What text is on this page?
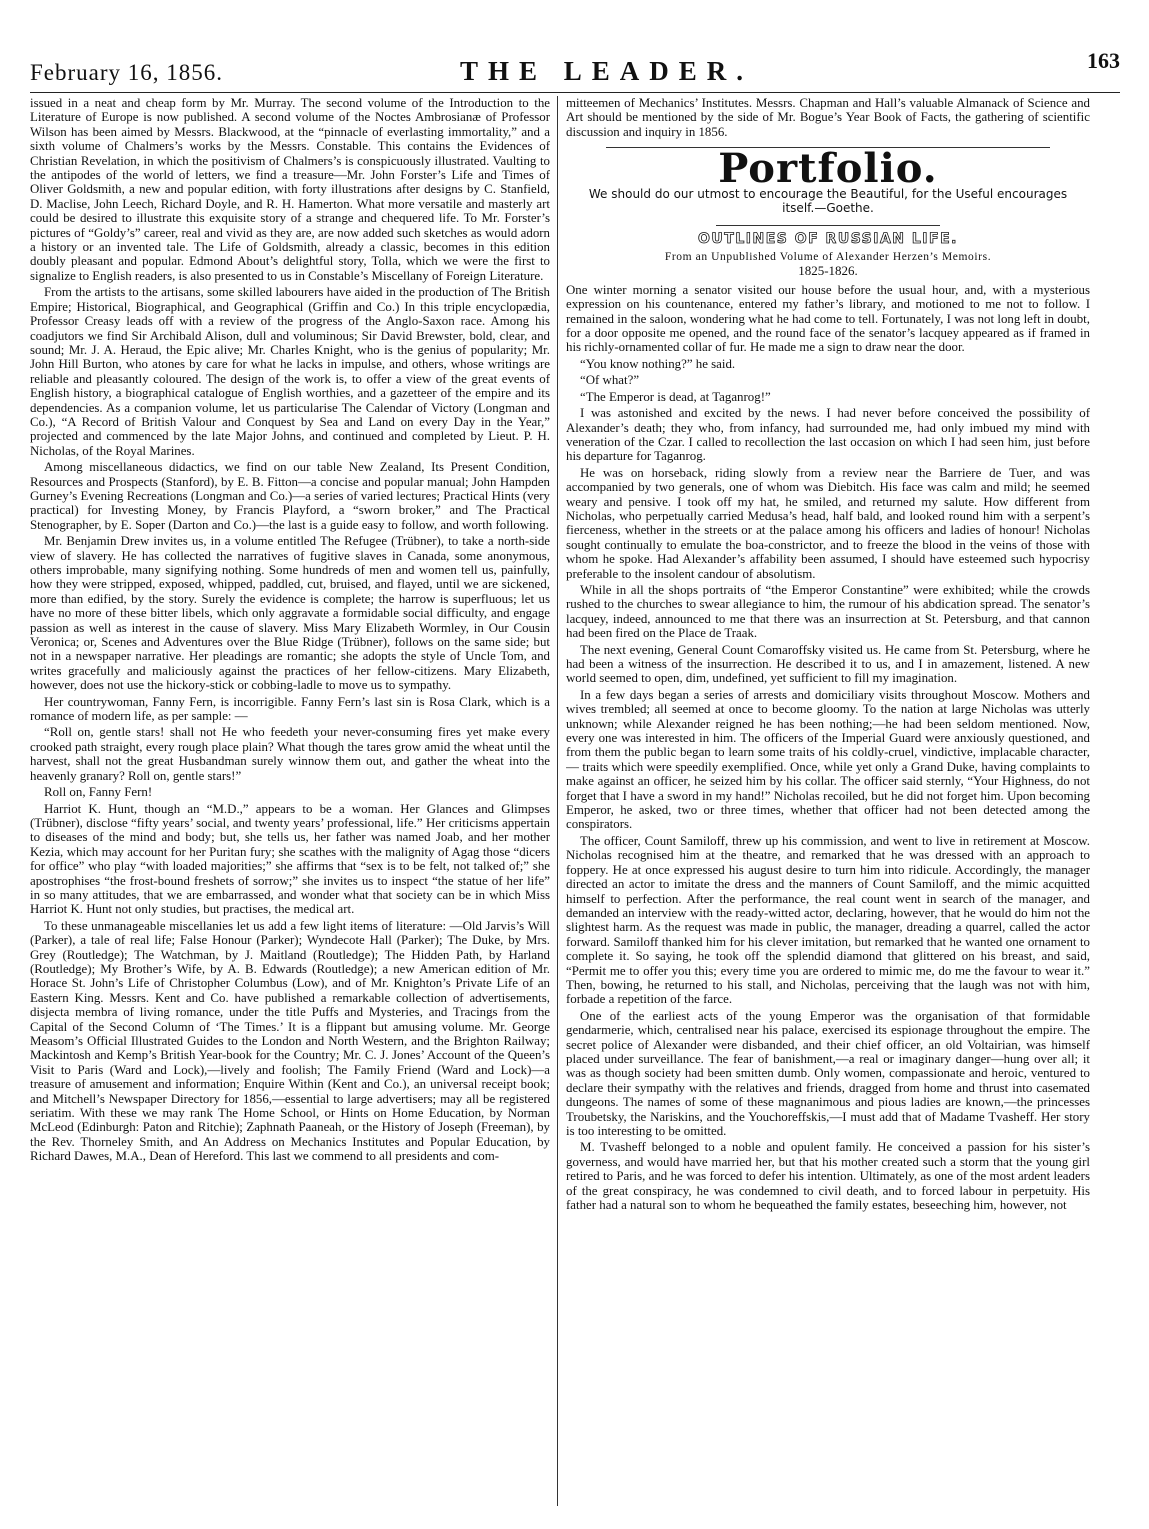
February 16, 1856.	THE LEADER.	163

issued in a neat and cheap form by Mr. Murray. The second volume of the Introduction to the Literature of Europe is now published. A second volume of the Noctes Ambrosianæ of Professor Wilson has been aimed by Messrs. Blackwood, at the “pinnacle of everlasting immortality,” and a sixth volume of Chalmers’s works by the Messrs. Constable. This contains the Evidences of Christian Revelation, in which the positivism of Chalmers’s is conspicuously illustrated. Vaulting to the antipodes of the world of letters, we find a treasure—Mr. John Forster’s Life and Times of Oliver Goldsmith, a new and popular edition, with forty illustrations after designs by C. Stanfield, D. Maclise, John Leech, Richard Doyle, and R. H. Hamerton. What more versatile and masterly art could be desired to illustrate this exquisite story of a strange and chequered life. To Mr. Forster’s pictures of “Goldy’s” career, real and vivid as they are, are now added such sketches as would adorn a history or an invented tale. The Life of Goldsmith, already a classic, becomes in this edition doubly pleasant and popular. Edmond About’s delightful story, Tolla, which we were the first to signalize to English readers, is also presented to us in Constable’s Miscellany of Foreign Literature.

From the artists to the artisans, some skilled labourers have aided in the production of The British Empire; Historical, Biographical, and Geographical (Griffin and Co.) In this triple encyclopædia, Professor Creasy leads off with a review of the progress of the Anglo-Saxon race. Among his coadjutors we find Sir Archibald Alison, dull and voluminous; Sir David Brewster, bold, clear, and sound; Mr. J. A. Heraud, the Epic alive; Mr. Charles Knight, who is the genius of popularity; Mr. John Hill Burton, who atones by care for what he lacks in impulse, and others, whose writings are reliable and pleasantly coloured. The design of the work is, to offer a view of the great events of English history, a biographical catalogue of English worthies, and a gazetteer of the empire and its dependencies. As a companion volume, let us particularise The Calendar of Victory (Longman and Co.), “A Record of British Valour and Conquest by Sea and Land on every Day in the Year,” projected and commenced by the late Major Johns, and continued and completed by Lieut. P. H. Nicholas, of the Royal Marines.

Among miscellaneous didactics, we find on our table New Zealand, Its Present Condition, Resources and Prospects (Stanford), by E. B. Fitton—a concise and popular manual; John Hampden Gurney’s Evening Recreations (Longman and Co.)—a series of varied lectures; Practical Hints (very practical) for Investing Money, by Francis Playford, a “sworn broker,” and The Practical Stenographer, by E. Soper (Darton and Co.)—the last is a guide easy to follow, and worth following.

Mr. Benjamin Drew invites us, in a volume entitled The Refugee (Trübner), to take a north-side view of slavery. He has collected the narratives of fugitive slaves in Canada, some anonymous, others improbable, many signifying nothing. Some hundreds of men and women tell us, painfully, how they were stripped, exposed, whipped, paddled, cut, bruised, and flayed, until we are sickened, more than edified, by the story. Surely the evidence is complete; the harrow is superfluous; let us have no more of these bitter libels, which only aggravate a formidable social difficulty, and engage passion as well as interest in the cause of slavery. Miss Mary Elizabeth Wormley, in Our Cousin Veronica; or, Scenes and Adventures over the Blue Ridge (Trübner), follows on the same side; but not in a newspaper narrative. Her pleadings are romantic; she adopts the style of Uncle Tom, and writes gracefully and maliciously against the practices of her fellow-citizens. Mary Elizabeth, however, does not use the hickory-stick or cobbing-ladle to move us to sympathy.

Her countrywoman, Fanny Fern, is incorrigible. Fanny Fern’s last sin is Rosa Clark, which is a romance of modern life, as per sample: —

“Roll on, gentle stars! shall not He who feedeth your never-consuming fires yet make every crooked path straight, every rough place plain? What though the tares grow amid the wheat until the harvest, shall not the great Husbandman surely winnow them out, and gather the wheat into the heavenly granary? Roll on, gentle stars!”

Roll on, Fanny Fern!

Harriot K. Hunt, though an “M.D.,” appears to be a woman. Her Glances and Glimpses (Trübner), disclose “fifty years’ social, and twenty years’ professional, life.” Her criticisms appertain to diseases of the mind and body; but, she tells us, her father was named Joab, and her mother Kezia, which may account for her Puritan fury; she scathes with the malignity of Agag those “dicers for office” who play “with loaded majorities;” she affirms that “sex is to be felt, not talked of;” she apostrophises “the frost-bound freshets of sorrow;” she invites us to inspect “the statue of her life” in so many attitudes, that we are embarrassed, and wonder what that society can be in which Miss Harriot K. Hunt not only studies, but practises, the medical art.

To these unmanageable miscellanies let us add a few light items of literature: —Old Jarvis’s Will (Parker), a tale of real life; False Honour (Parker); Wyndecote Hall (Parker); The Duke, by Mrs. Grey (Routledge); The Watchman, by J. Maitland (Routledge); The Hidden Path, by Harland (Routledge); My Brother’s Wife, by A. B. Edwards (Routledge); a new American edition of Mr. Horace St. John’s Life of Christopher Columbus (Low), and of Mr. Knighton’s Private Life of an Eastern King. Messrs. Kent and Co. have published a remarkable collection of advertisements, disjecta membra of living romance, under the title Puffs and Mysteries, and Tracings from the Capital of the Second Column of ‘The Times.’ It is a flippant but amusing volume. Mr. George Measom’s Official Illustrated Guides to the London and North Western, and the Brighton Railway; Mackintosh and Kemp’s British Year-book for the Country; Mr. C. J. Jones’ Account of the Queen’s Visit to Paris (Ward and Lock),—lively and foolish; The Family Friend (Ward and Lock)—a treasure of amusement and information; Enquire Within (Kent and Co.), an universal receipt book; and Mitchell’s Newspaper Directory for 1856,—essential to large advertisers; may all be registered seriatim. With these we may rank The Home School, or Hints on Home Education, by Norman McLeod (Edinburgh: Paton and Ritchie); Zaphnath Paaneah, or the History of Joseph (Freeman), by the Rev. Thorneley Smith, and An Address on Mechanics Institutes and Popular Education, by Richard Dawes, M.A., Dean of Hereford. This last we commend to all presidents and com-

mitteemen of Mechanics’ Institutes. Messrs. Chapman and Hall’s valuable Almanack of Science and Art should be mentioned by the side of Mr. Bogue’s Year Book of Facts, the gathering of scientific discussion and inquiry in 1856.

Portfolio.
We should do our utmost to encourage the Beautiful, for the Useful encourages itself.—Goethe.
OUTLINES OF RUSSIAN LIFE.
From an Unpublished Volume of Alexander Herzen’s Memoirs.
1825-1826.

One winter morning a senator visited our house before the usual hour, and, with a mysterious expression on his countenance, entered my father’s library, and motioned to me not to follow. I remained in the saloon, wondering what he had come to tell. Fortunately, I was not long left in doubt, for a door opposite me opened, and the round face of the senator’s lacquey appeared as if framed in his richly-ornamented collar of fur. He made me a sign to draw near the door.

“You know nothing?” he said.

“Of what?”

“The Emperor is dead, at Taganrog!”

I was astonished and excited by the news. I had never before conceived the possibility of Alexander’s death; they who, from infancy, had surrounded me, had only imbued my mind with veneration of the Czar. I called to recollection the last occasion on which I had seen him, just before his departure for Taganrog.

He was on horseback, riding slowly from a review near the Barriere de Tuer, and was accompanied by two generals, one of whom was Diebitch. His face was calm and mild; he seemed weary and pensive. I took off my hat, he smiled, and returned my salute. How different from Nicholas, who perpetually carried Medusa’s head, half bald, and looked round him with a serpent’s fierceness, whether in the streets or at the palace among his officers and ladies of honour! Nicholas sought continually to emulate the boa-constrictor, and to freeze the blood in the veins of those with whom he spoke. Had Alexander’s affability been assumed, I should have esteemed such hypocrisy preferable to the insolent candour of absolutism.

While in all the shops portraits of “the Emperor Constantine” were exhibited; while the crowds rushed to the churches to swear allegiance to him, the rumour of his abdication spread. The senator’s lacquey, indeed, announced to me that there was an insurrection at St. Petersburg, and that cannon had been fired on the Place de Traak.

The next evening, General Count Comaroffsky visited us. He came from St. Petersburg, where he had been a witness of the insurrection. He described it to us, and I in amazement, listened. A new world seemed to open, dim, undefined, yet sufficient to fill my imagination.

In a few days began a series of arrests and domiciliary visits throughout Moscow. Mothers and wives trembled; all seemed at once to become gloomy. To the nation at large Nicholas was utterly unknown; while Alexander reigned he has been nothing;—he had been seldom mentioned. Now, every one was interested in him. The officers of the Imperial Guard were anxiously questioned, and from them the public began to learn some traits of his coldly-cruel, vindictive, implacable character,— traits which were speedily exemplified. Once, while yet only a Grand Duke, having complaints to make against an officer, he seized him by his collar. The officer said sternly, “Your Highness, do not forget that I have a sword in my hand!” Nicholas recoiled, but he did not forget him. Upon becoming Emperor, he asked, two or three times, whether that officer had not been detected among the conspirators.

The officer, Count Samiloff, threw up his commission, and went to live in retirement at Moscow. Nicholas recognised him at the theatre, and remarked that he was dressed with an approach to foppery. He at once expressed his august desire to turn him into ridicule. Accordingly, the manager directed an actor to imitate the dress and the manners of Count Samiloff, and the mimic acquitted himself to perfection. After the performance, the real count went in search of the manager, and demanded an interview with the ready-witted actor, declaring, however, that he would do him not the slightest harm. As the request was made in public, the manager, dreading a quarrel, called the actor forward. Samiloff thanked him for his clever imitation, but remarked that he wanted one ornament to complete it. So saying, he took off the splendid diamond that glittered on his breast, and said, “Permit me to offer you this; every time you are ordered to mimic me, do me the favour to wear it.” Then, bowing, he returned to his stall, and Nicholas, perceiving that the laugh was not with him, forbade a repetition of the farce.

One of the earliest acts of the young Emperor was the organisation of that formidable gendarmerie, which, centralised near his palace, exercised its espionage throughout the empire. The secret police of Alexander were disbanded, and their chief officer, an old Voltairian, was himself placed under surveillance. The fear of banishment,—a real or imaginary danger—hung over all; it was as though society had been smitten dumb. Only women, compassionate and heroic, ventured to declare their sympathy with the relatives and friends, dragged from home and thrust into casemated dungeons. The names of some of these magnanimous and pious ladies are known,—the princesses Troubetsky, the Nariskins, and the Youchoreffskis,—I must add that of Madame Tvasheff. Her story is too interesting to be omitted.

M. Tvasheff belonged to a noble and opulent family. He conceived a passion for his sister’s governess, and would have married her, but that his mother created such a storm that the young girl retired to Paris, and he was forced to defer his intention. Ultimately, as one of the most ardent leaders of the great conspiracy, he was condemned to civil death, and to forced labour in perpetuity. His father had a natural son to whom he bequeathed the family estates, beseeching him, however, not
